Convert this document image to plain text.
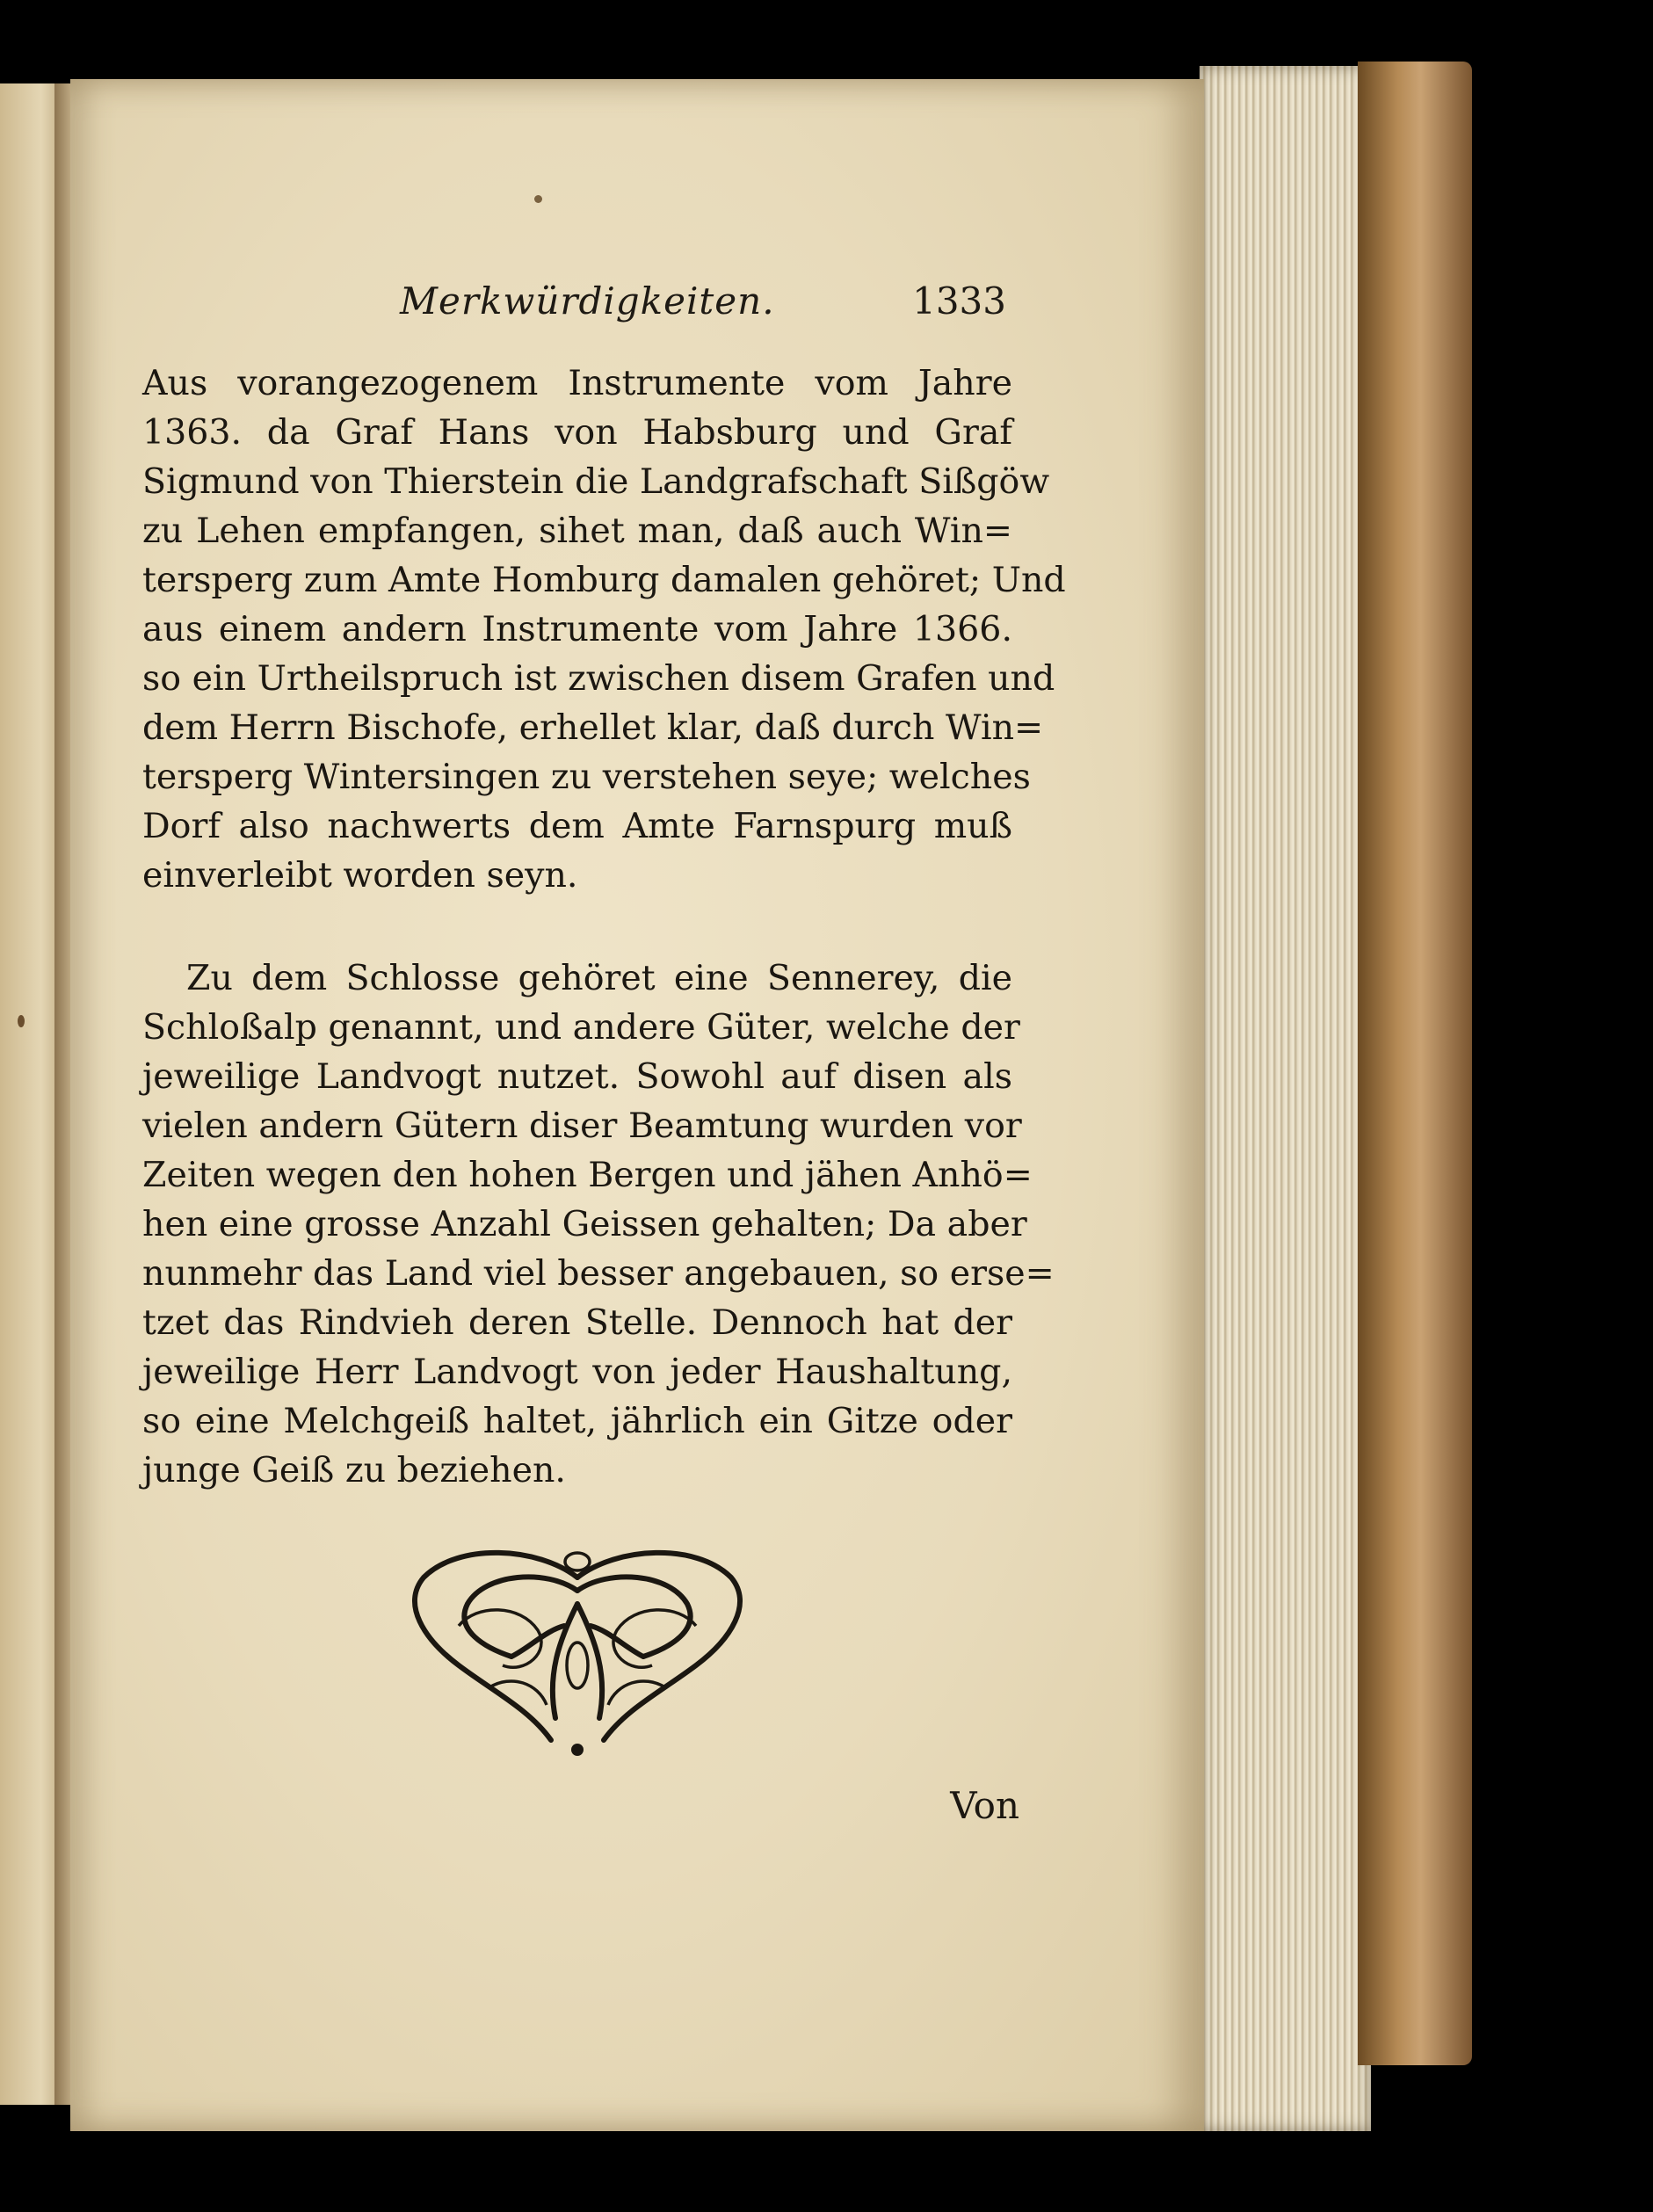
Merkwürdigkeiten.	1333
Aus vorangezogenem Instrumente vom Jahre
1363. da Graf Hans von Habsburg und Graf
Sigmund von Thierstein die Landgrafschaft Sißgöw
zu Lehen empfangen, sihet man, daß auch Win=
tersperg zum Amte Homburg damalen gehöret; Und
aus einem andern Instrumente vom Jahre 1366.
so ein Urtheilspruch ist zwischen disem Grafen und
dem Herrn Bischofe, erhellet klar, daß durch Win=
tersperg Wintersingen zu verstehen seye; welches
Dorf also nachwerts dem Amte Farnspurg muß
einverleibt worden seyn.
Zu dem Schlosse gehöret eine Sennerey, die
Schloßalp genannt, und andere Güter, welche der
jeweilige Landvogt nutzet. Sowohl auf disen als
vielen andern Gütern diser Beamtung wurden vor
Zeiten wegen den hohen Bergen und jähen Anhö=
hen eine grosse Anzahl Geissen gehalten; Da aber
nunmehr das Land viel besser angebauen, so erse=
tzet das Rindvieh deren Stelle. Dennoch hat der
jeweilige Herr Landvogt von jeder Haushaltung,
so eine Melchgeiß haltet, jährlich ein Gitze oder
junge Geiß zu beziehen.
Von
